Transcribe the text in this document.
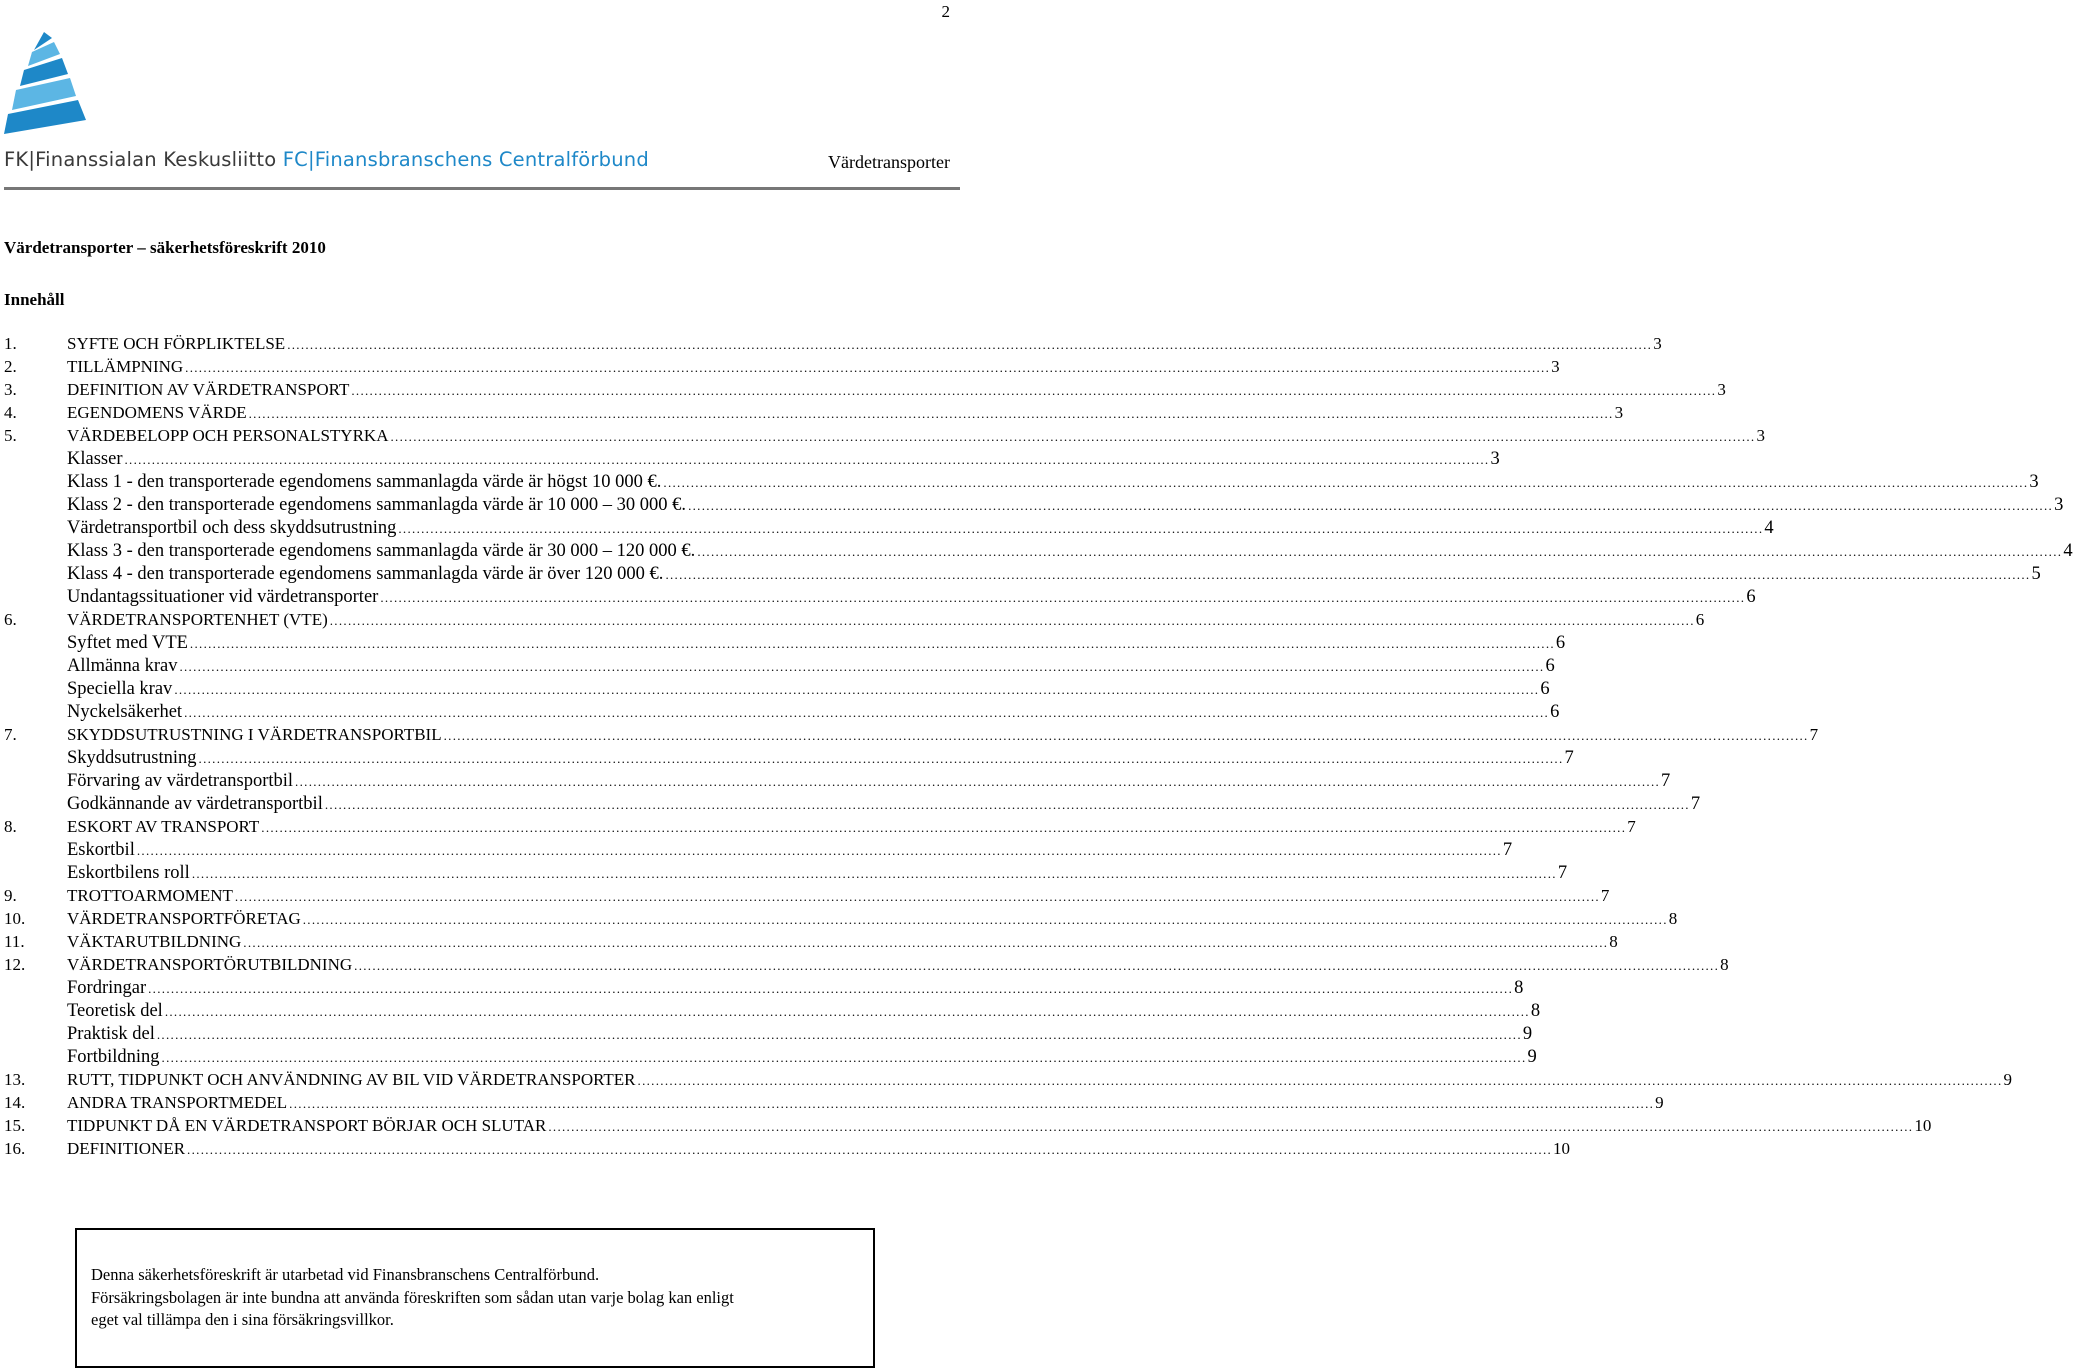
2
FK|Finanssialan Keskusliitto FC|Finansbranschens Centralförbund	Värdetransporter
Värdetransporter – säkerhetsföreskrift 2010
Innehåll
1.	SYFTE OCH FÖRPLIKTELSE ............................................................................................................................................................................................................................................................................................................ 3
2.	TILLÄMPNING ............................................................................................................................................................................................................................................................................................................ 3
3.	DEFINITION AV VÄRDETRANSPORT ............................................................................................................................................................................................................................................................................................................ 3
4.	EGENDOMENS VÄRDE ............................................................................................................................................................................................................................................................................................................ 3
5.	VÄRDEBELOPP OCH PERSONALSTYRKA ............................................................................................................................................................................................................................................................................................................ 3
Klasser ............................................................................................................................................................................................................................................................................................................ 3
Klass 1 - den transporterade egendomens sammanlagda värde är högst 10 000 €. ............................................................................................................................................................................................................................................................................................................ 3
Klass 2 - den transporterade egendomens sammanlagda värde är 10 000 – 30 000 €. ............................................................................................................................................................................................................................................................................................................ 3
Värdetransportbil och dess skyddsutrustning ............................................................................................................................................................................................................................................................................................................ 4
Klass 3 - den transporterade egendomens sammanlagda värde är 30 000 – 120 000 €. ............................................................................................................................................................................................................................................................................................................ 4
Klass 4 - den transporterade egendomens sammanlagda värde är över 120 000 €. ............................................................................................................................................................................................................................................................................................................ 5
Undantagssituationer vid värdetransporter ............................................................................................................................................................................................................................................................................................................ 6
6.	VÄRDETRANSPORTENHET (VTE) ............................................................................................................................................................................................................................................................................................................ 6
Syftet med VTE ............................................................................................................................................................................................................................................................................................................ 6
Allmänna krav ............................................................................................................................................................................................................................................................................................................ 6
Speciella krav ............................................................................................................................................................................................................................................................................................................ 6
Nyckelsäkerhet ............................................................................................................................................................................................................................................................................................................ 6
7.	SKYDDSUTRUSTNING I VÄRDETRANSPORTBIL ............................................................................................................................................................................................................................................................................................................ 7
Skyddsutrustning ............................................................................................................................................................................................................................................................................................................ 7
Förvaring av värdetransportbil ............................................................................................................................................................................................................................................................................................................ 7
Godkännande av värdetransportbil ............................................................................................................................................................................................................................................................................................................ 7
8.	ESKORT AV TRANSPORT ............................................................................................................................................................................................................................................................................................................ 7
Eskortbil ............................................................................................................................................................................................................................................................................................................ 7
Eskortbilens roll ............................................................................................................................................................................................................................................................................................................ 7
9.	TROTTOARMOMENT ............................................................................................................................................................................................................................................................................................................ 7
10. VÄRDETRANSPORTFÖRETAG ............................................................................................................................................................................................................................................................................................................ 8
11. VÄKTARUTBILDNING ............................................................................................................................................................................................................................................................................................................ 8
12. VÄRDETRANSPORTÖRUTBILDNING ............................................................................................................................................................................................................................................................................................................ 8
Fordringar ............................................................................................................................................................................................................................................................................................................ 8
Teoretisk del ............................................................................................................................................................................................................................................................................................................ 8
Praktisk del ............................................................................................................................................................................................................................................................................................................ 9
Fortbildning ............................................................................................................................................................................................................................................................................................................ 9
13. RUTT, TIDPUNKT OCH ANVÄNDNING AV BIL VID VÄRDETRANSPORTER ............................................................................................................................................................................................................................................................................................................ 9
14. ANDRA TRANSPORTMEDEL ............................................................................................................................................................................................................................................................................................................ 9
15. TIDPUNKT DÅ EN VÄRDETRANSPORT BÖRJAR OCH SLUTAR ............................................................................................................................................................................................................................................................................................................ 10
16. DEFINITIONER ............................................................................................................................................................................................................................................................................................................ 10
Denna säkerhetsföreskrift är utarbetad vid Finansbranschens Centralförbund.
Försäkringsbolagen är inte bundna att använda föreskriften som sådan utan varje bolag kan enligt
eget val tillämpa den i sina försäkringsvillkor.
